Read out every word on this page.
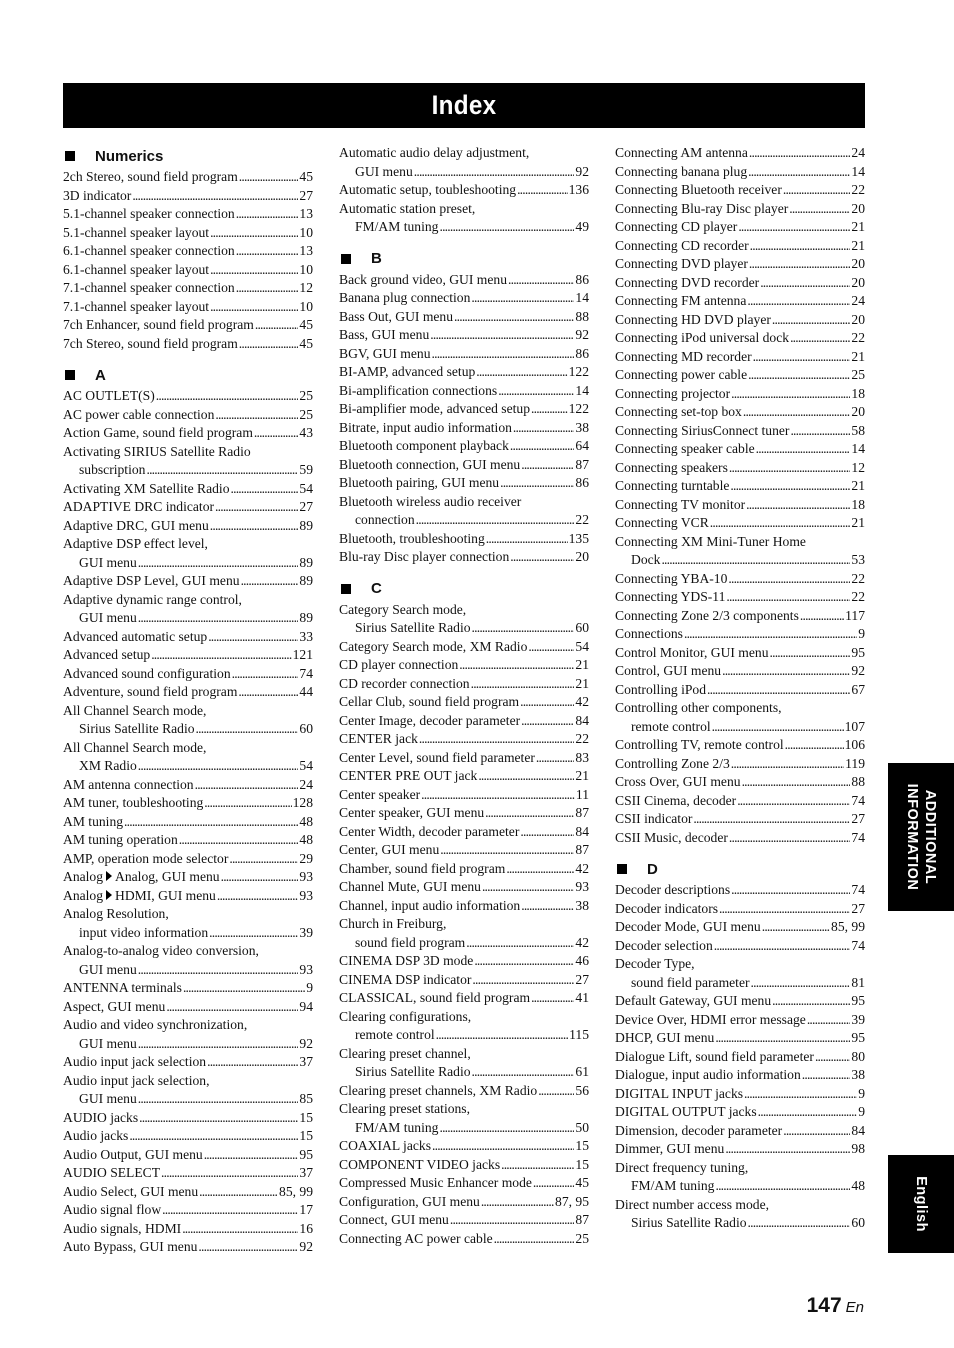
Index
Numerics
2ch Stereo, sound field program . . .	45
3D indicator . . .	27
5.1-channel speaker connection . . .	13
5.1-channel speaker layout . . .	10
6.1-channel speaker connection . . .	13
6.1-channel speaker layout . . .	10
7.1-channel speaker connection . . .	12
7.1-channel speaker layout . . .	10
7ch Enhancer, sound field program . . .	45
7ch Stereo, sound field program . . .	45
A
AC OUTLET(S) . . .	25
AC power cable connection . . .	25
Action Game, sound field program . . .	43
Activating SIRIUS Satellite Radio
subscription . . .	59
Activating XM Satellite Radio . . .	54
ADAPTIVE DRC indicator . . .	27
Adaptive DRC, GUI menu . . .	89
Adaptive DSP effect level,
GUI menu . . .	89
Adaptive DSP Level, GUI menu . . .	89
Adaptive dynamic range control,
GUI menu . . .	89
Advanced automatic setup . . .	33
Advanced setup . . .	121
Advanced sound configuration . . .	74
Adventure, sound field program . . .	44
All Channel Search mode,
Sirius Satellite Radio . . .	60
All Channel Search mode,
XM Radio . . .	54
AM antenna connection . . .	24
AM tuner, toubleshooting . . .	128
AM tuning . . .	48
AM tuning operation . . .	48
AMP, operation mode selector . . .	29
Analog Analog, GUI menu . . .	93
Analog HDMI, GUI menu . . .	93
Analog Resolution,
input video information . . .	39
Analog-to-analog video conversion,
GUI menu . . .	93
ANTENNA terminals . . .	9
Aspect, GUI menu . . .	94
Audio and video synchronization,
GUI menu . . .	92
Audio input jack selection . . .	37
Audio input jack selection,
GUI menu . . .	85
AUDIO jacks . . .	15
Audio jacks . . .	15
Audio Output, GUI menu . . .	95
AUDIO SELECT . . .	37
Audio Select, GUI menu . . .	85, 99
Audio signal flow . . .	17
Audio signals, HDMI . . .	16
Auto Bypass, GUI menu . . .	92
Automatic audio delay adjustment,
GUI menu . . .	92
Automatic setup, toubleshooting . . .	136
Automatic station preset,
FM/AM tuning . . .	49
B
Back ground video, GUI menu . . .	86
Banana plug connection . . .	14
Bass Out, GUI menu . . .	88
Bass, GUI menu . . .	92
BGV, GUI menu . . .	86
BI-AMP, advanced setup . . .	122
Bi-amplification connections . . .	14
Bi-amplifier mode, advanced setup . . .	122
Bitrate, input audio information . . .	38
Bluetooth component playback . . .	64
Bluetooth connection, GUI menu . . .	87
Bluetooth pairing, GUI menu . . .	86
Bluetooth wireless audio receiver
connection . . .	22
Bluetooth, troubleshooting . . .	135
Blu-ray Disc player connection . . .	20
C
Category Search mode,
Sirius Satellite Radio . . .	60
Category Search mode, XM Radio . . .	54
CD player connection . . .	21
CD recorder connection . . .	21
Cellar Club, sound field program . . .	42
Center Image, decoder parameter . . .	84
CENTER jack . . .	22
Center Level, sound field parameter . . .	83
CENTER PRE OUT jack . . .	21
Center speaker . . .	11
Center speaker, GUI menu . . .	87
Center Width, decoder parameter . . .	84
Center, GUI menu . . .	87
Chamber, sound field program . . .	42
Channel Mute, GUI menu . . .	93
Channel, input audio information . . .	38
Church in Freiburg,
sound field program . . .	42
CINEMA DSP 3D mode . . .	46
CINEMA DSP indicator . . .	27
CLASSICAL, sound field program . . .	41
Clearing configurations,
remote control . . .	115
Clearing preset channel,
Sirius Satellite Radio . . .	61
Clearing preset channels, XM Radio . . .	56
Clearing preset stations,
FM/AM tuning . . .	50
COAXIAL jacks . . .	15
COMPONENT VIDEO jacks . . .	15
Compressed Music Enhancer mode . . .	45
Configuration, GUI menu . . .	87, 95
Connect, GUI menu . . .	87
Connecting AC power cable . . .	25
Connecting AM antenna . . .	24
Connecting banana plug . . .	14
Connecting Bluetooth receiver . . .	22
Connecting Blu-ray Disc player . . .	20
Connecting CD player . . .	21
Connecting CD recorder . . .	21
Connecting DVD player . . .	20
Connecting DVD recorder . . .	20
Connecting FM antenna . . .	24
Connecting HD DVD player . . .	20
Connecting iPod universal dock . . .	22
Connecting MD recorder . . .	21
Connecting power cable . . .	25
Connecting projector . . .	18
Connecting set-top box . . .	20
Connecting SiriusConnect tuner . . .	58
Connecting speaker cable . . .	14
Connecting speakers . . .	12
Connecting turntable . . .	21
Connecting TV monitor . . .	18
Connecting VCR . . .	21
Connecting XM Mini-Tuner Home
Dock . . .	53
Connecting YBA-10 . . .	22
Connecting YDS-11 . . .	22
Connecting Zone 2/3 components . . .	117
Connections . . .	9
Control Monitor, GUI menu . . .	95
Control, GUI menu . . .	92
Controlling iPod . . .	67
Controlling other components,
remote control . . .	107
Controlling TV, remote control . . .	106
Controlling Zone 2/3 . . .	119
Cross Over, GUI menu . . .	88
CSII Cinema, decoder . . .	74
CSII indicator . . .	27
CSII Music, decoder . . .	74
D
Decoder descriptions . . .	74
Decoder indicators . . .	27
Decoder Mode, GUI menu . . .	85, 99
Decoder selection . . .	74
Decoder Type,
sound field parameter . . .	81
Default Gateway, GUI menu . . .	95
Device Over, HDMI error message . . .	39
DHCP, GUI menu . . .	95
Dialogue Lift, sound field parameter . . .	80
Dialogue, input audio information . . .	38
DIGITAL INPUT jacks . . .	9
DIGITAL OUTPUT jacks . . .	9
Dimension, decoder parameter . . .	84
Dimmer, GUI menu . . .	98
Direct frequency tuning,
FM/AM tuning . . .	48
Direct number access mode,
Sirius Satellite Radio . . .	60
ADDITIONAL
INFORMATION
English
147 En
